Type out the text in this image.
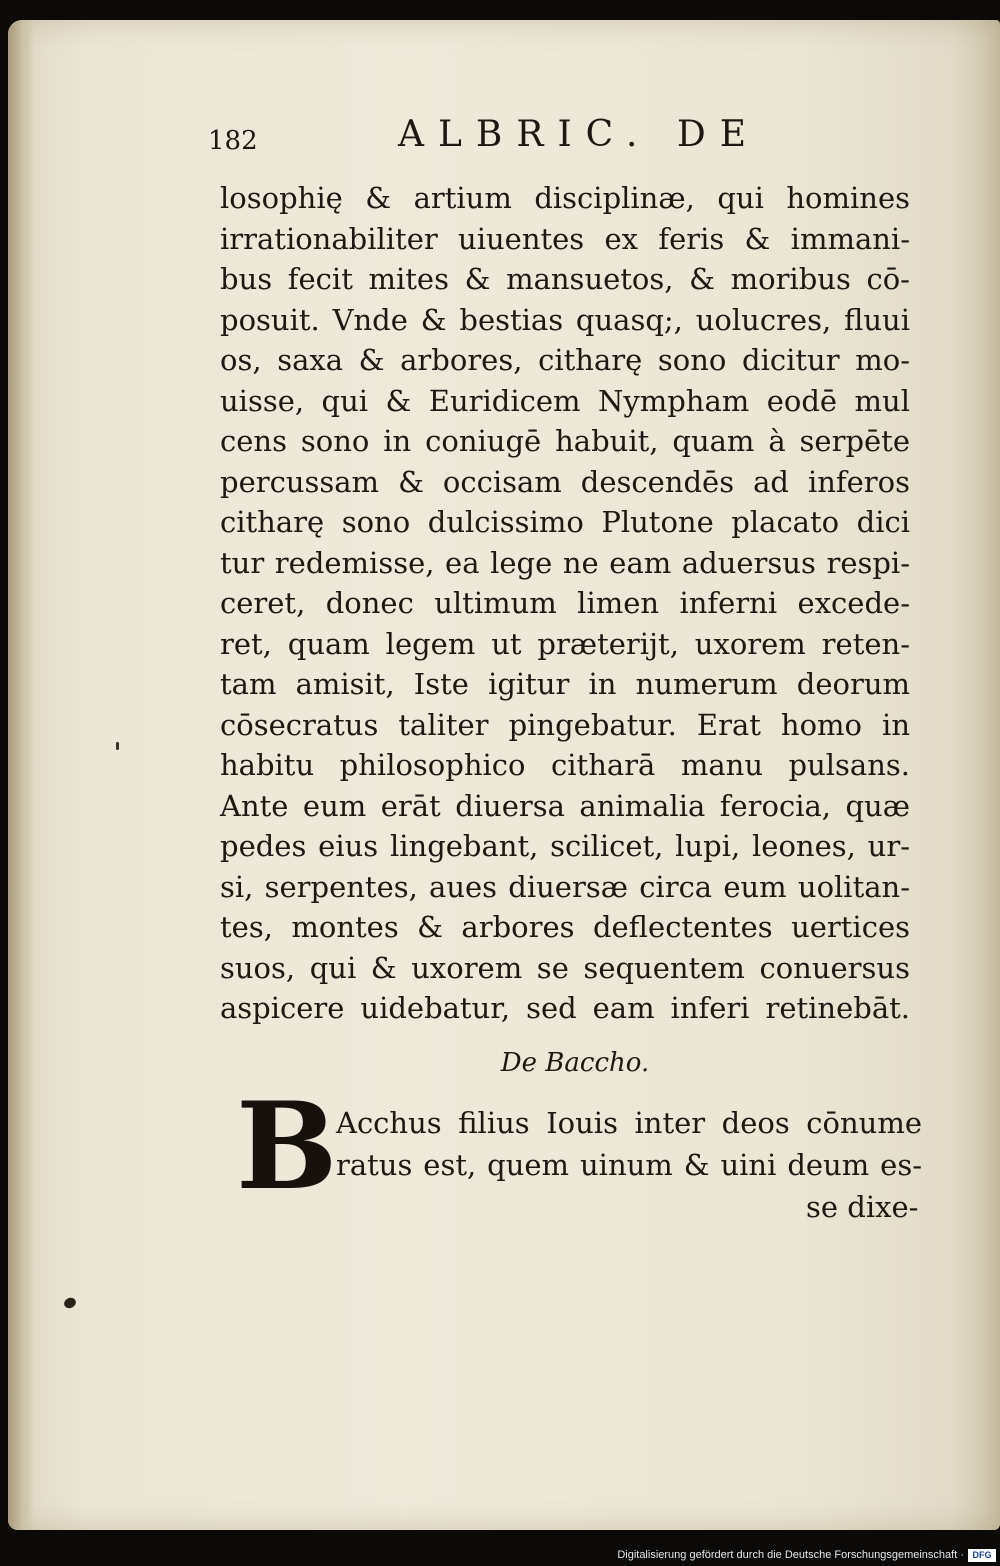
182	ALBRIC. DE
losophię & artium disciplinæ, qui homines
irrationabiliter uiuentes ex feris & immani-
bus fecit mites & mansuetos, & moribus cō-
posuit. Vnde & bestias quasq;, uolucres, fluui
os, saxa & arbores, citharę sono dicitur mo-
uisse, qui & Euridicem Nympham eodē mul
cens sono in coniugē habuit, quam à serpēte
percussam & occisam descendēs ad inferos
citharę sono dulcissimo Plutone placato dici
tur redemisse, ea lege ne eam aduersus respi-
ceret, donec ultimum limen inferni excede-
ret, quam legem ut præterijt, uxorem reten-
tam amisit, Iste igitur in numerum deorum
cōsecratus taliter pingebatur. Erat homo in
habitu philosophico citharā manu pulsans.
Ante eum erāt diuersa animalia ferocia, quæ
pedes eius lingebant, scilicet, lupi, leones, ur-
si, serpentes, aues diuersæ circa eum uolitan-
tes, montes & arbores deflectentes uertices
suos, qui & uxorem se sequentem conuersus
aspicere uidebatur, sed eam inferi retinebāt.
De Baccho.
B
Acchus filius Iouis inter deos cōnume
ratus est, quem uinum & uini deum es-
se dixe-
Digitalisierung gefördert durch die Deutsche Forschungsgemeinschaft · DFG
